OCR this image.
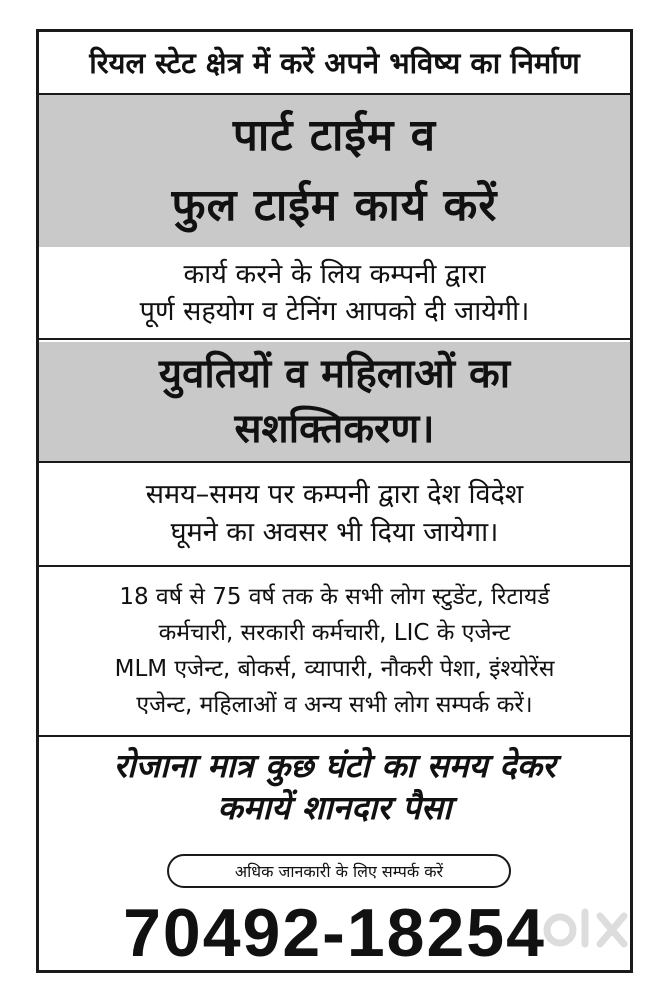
रियल स्टेट क्षेत्र में करें अपने भविष्य का निर्माण
पार्ट टाईम व
फुल टाईम कार्य करें
कार्य करने के लिय कम्पनी द्वारा
पूर्ण सहयोग व टेनिंग आपको दी जायेगी।
युवतियों व महिलाओं का
सशक्तिकरण।
समय–समय पर कम्पनी द्वारा देश विदेश
घूमने का अवसर भी दिया जायेगा।
18 वर्ष से 75 वर्ष तक के सभी लोग स्टुडेंट, रिटायर्ड
कर्मचारी, सरकारी कर्मचारी, LIC के एजेन्ट
MLM एजेन्ट, बोकर्स, व्यापारी, नौकरी पेशा, इंश्योरेंस
एजेन्ट, महिलाओं व अन्य सभी लोग सम्पर्क करें।
रोजाना मात्र कुछ घंटो का समय देकर
कमायें शानदार पैसा
अधिक जानकारी के लिए सम्पर्क करें
70492-18254
